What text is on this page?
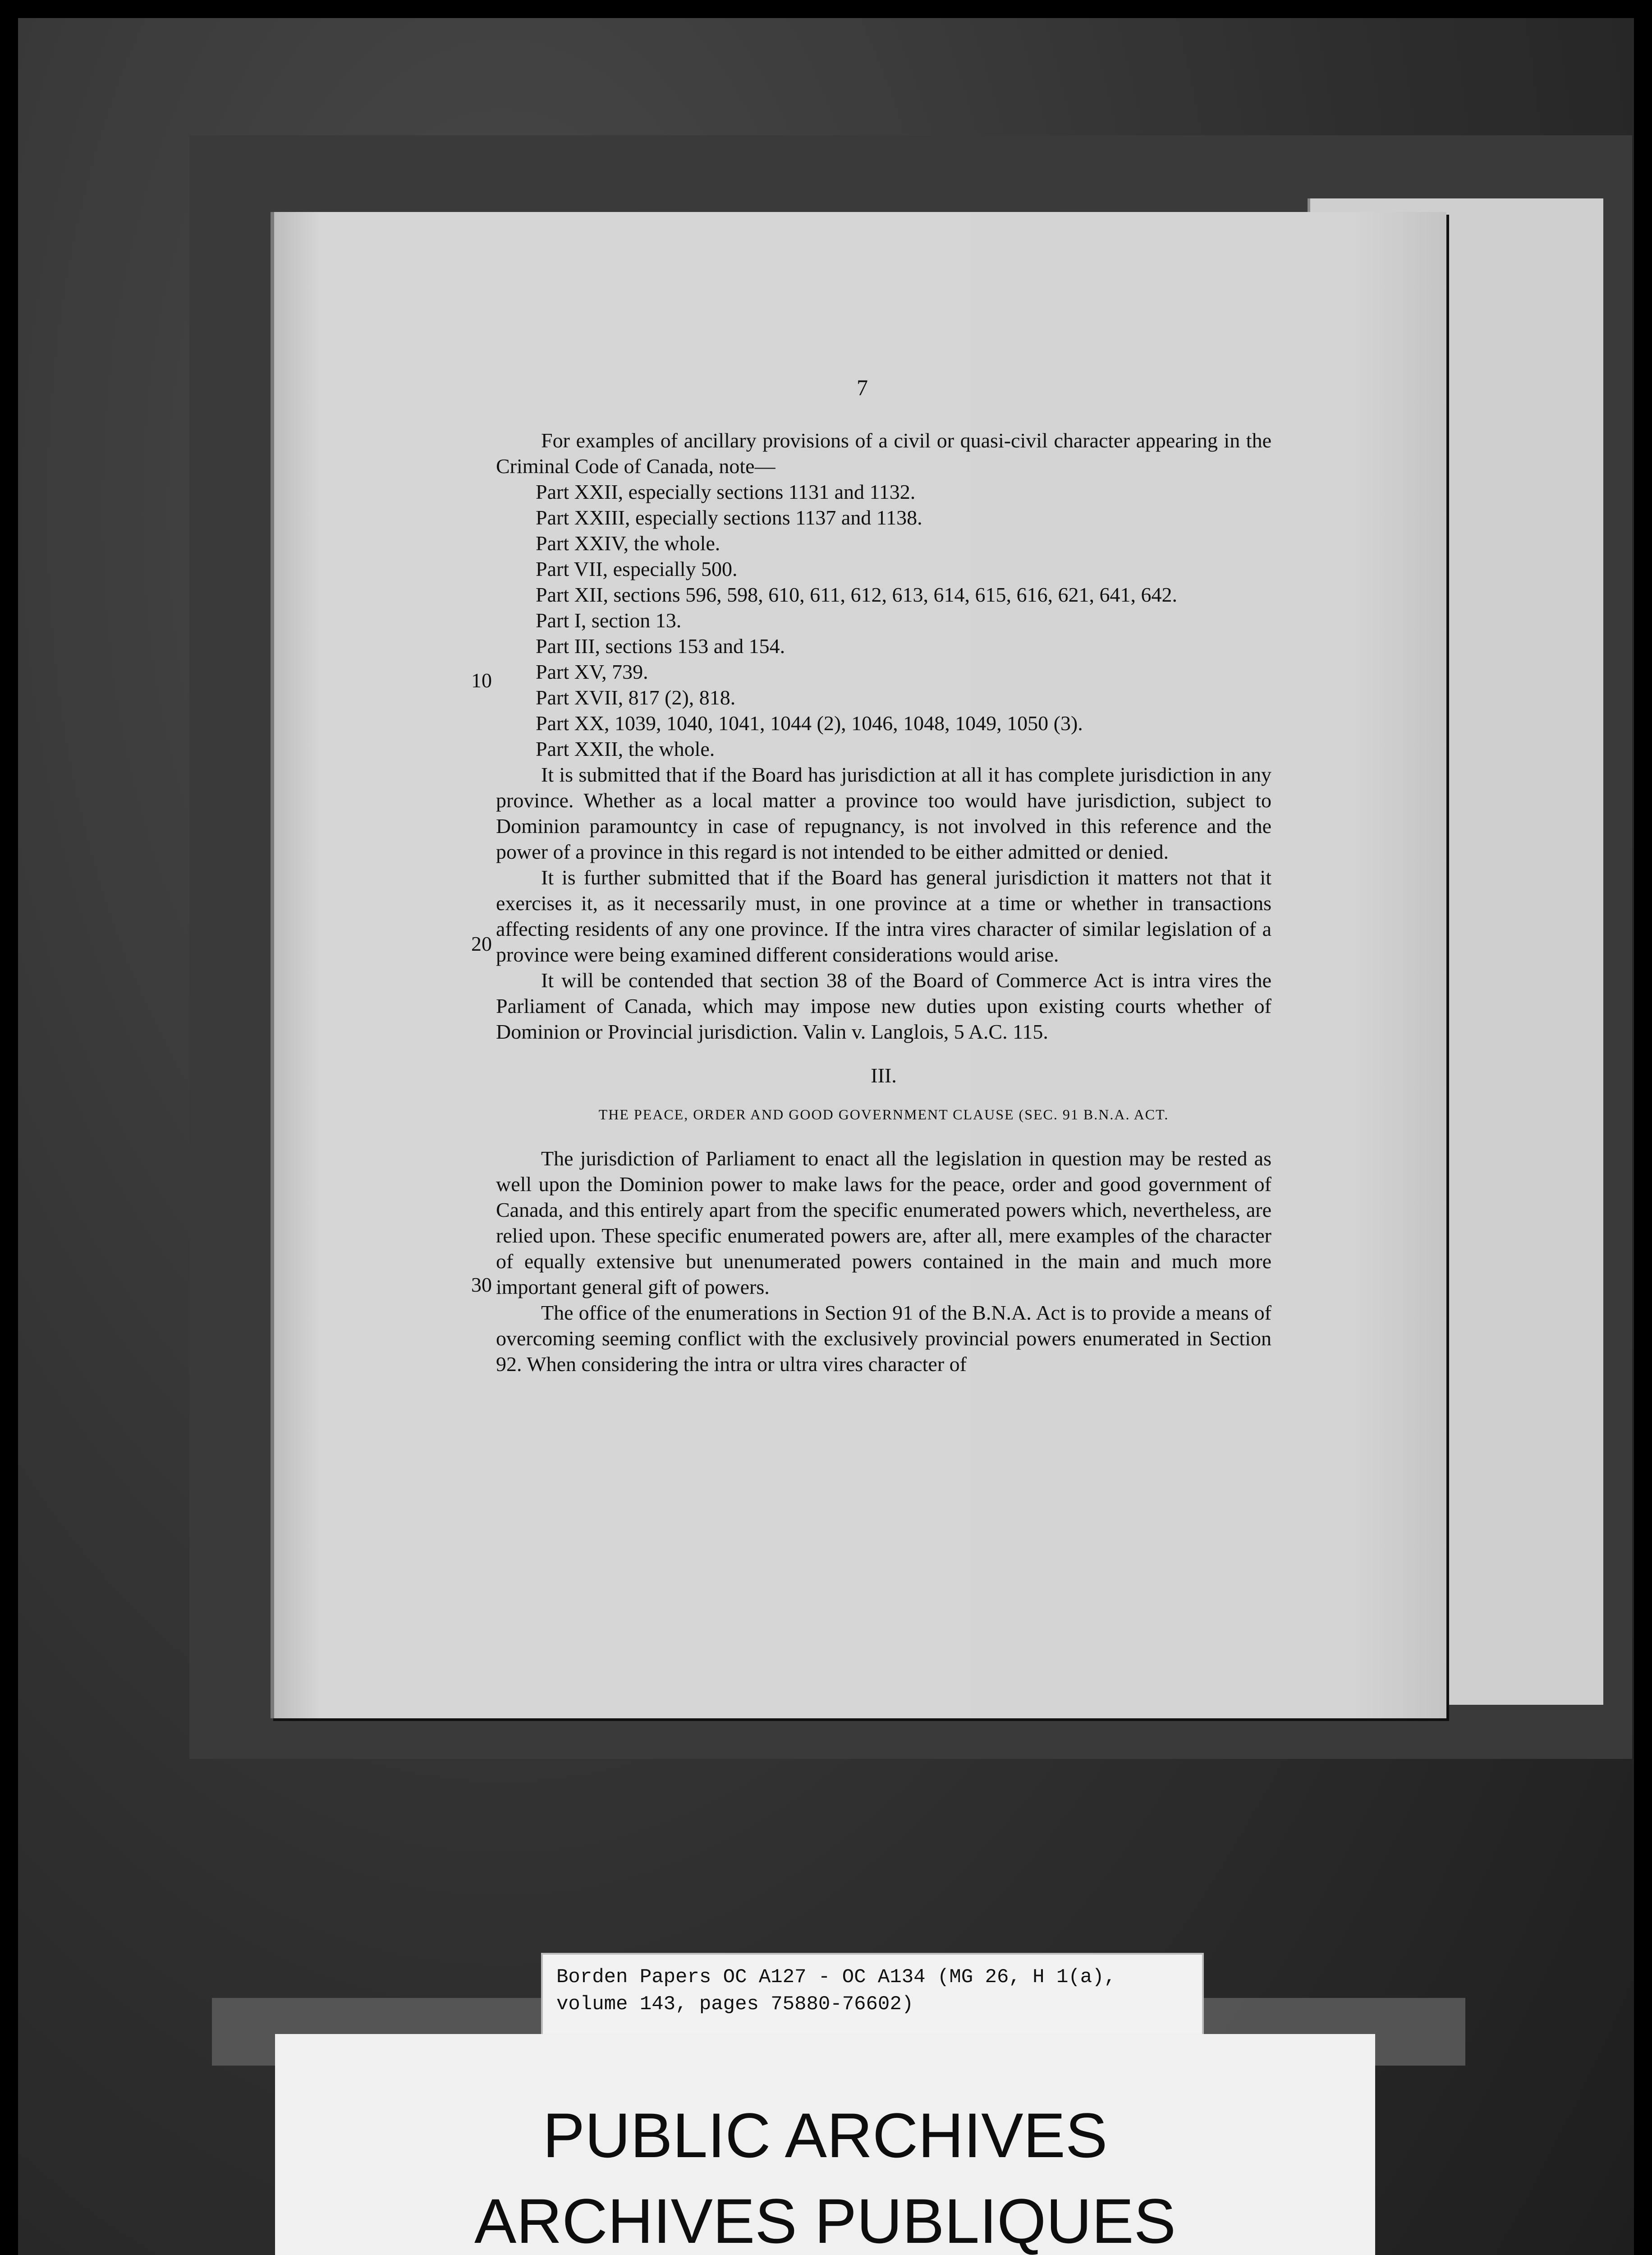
7
10
20
30

For examples of ancillary provisions of a civil or quasi-civil character appearing in the Criminal Code of Canada, note—

Part XXII, especially sections 1131 and 1132.
Part XXIII, especially sections 1137 and 1138.
Part XXIV, the whole.
Part VII, especially 500.
Part XII, sections 596, 598, 610, 611, 612, 613, 614, 615, 616, 621, 641, 642.
Part I, section 13.
Part III, sections 153 and 154.
Part XV, 739.
Part XVII, 817 (2), 818.
Part XX, 1039, 1040, 1041, 1044 (2), 1046, 1048, 1049, 1050 (3).
Part XXII, the whole.

It is submitted that if the Board has jurisdiction at all it has complete jurisdiction in any province. Whether as a local matter a province too would have jurisdiction, subject to Dominion paramountcy in case of repugnancy, is not involved in this reference and the power of a province in this regard is not intended to be either admitted or denied.

It is further submitted that if the Board has general jurisdiction it matters not that it exercises it, as it necessarily must, in one province at a time or whether in transactions affecting residents of any one province. If the intra vires character of similar legislation of a province were being examined different considerations would arise.

It will be contended that section 38 of the Board of Commerce Act is intra vires the Parliament of Canada, which may impose new duties upon existing courts whether of Dominion or Provincial jurisdiction. Valin v. Langlois, 5 A.C. 115.

III.
THE PEACE, ORDER AND GOOD GOVERNMENT CLAUSE (SEC. 91 B.N.A. ACT.

The jurisdiction of Parliament to enact all the legislation in question may be rested as well upon the Dominion power to make laws for the peace, order and good government of Canada, and this entirely apart from the specific enumerated powers which, nevertheless, are relied upon. These specific enumerated powers are, after all, mere examples of the character of equally extensive but unenumerated powers contained in the main and much more important general gift of powers.

The office of the enumerations in Section 91 of the B.N.A. Act is to provide a means of overcoming seeming conflict with the exclusively provincial powers enumerated in Section 92. When considering the intra or ultra vires character of

Borden Papers OC A127 - OC A134 (MG 26, H 1(a),
volume 143, pages 75880-76602)
PUBLIC ARCHIVES
ARCHIVES PUBLIQUES
